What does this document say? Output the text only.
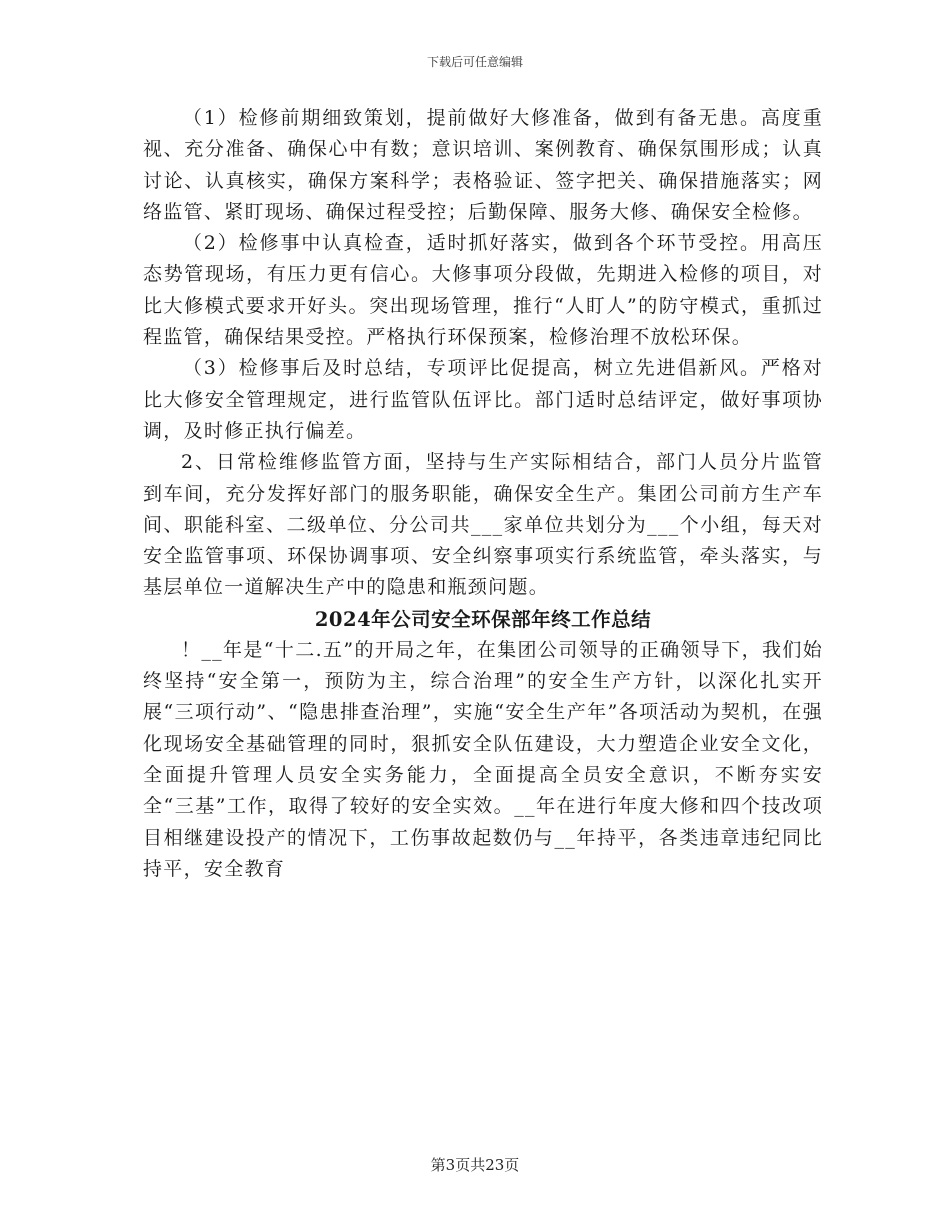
下载后可任意编辑

（1）检修前期细致策划，提前做好大修准备，做到有备无患。高度重视、充分准备、确保心中有数；意识培训、案例教育、确保氛围形成；认真讨论、认真核实，确保方案科学；表格验证、签字把关、确保措施落实；网络监管、紧盯现场、确保过程受控；后勤保障、服务大修、确保安全检修。

（2）检修事中认真检查，适时抓好落实，做到各个环节受控。用高压态势管现场，有压力更有信心。大修事项分段做，先期进入检修的项目，对比大修模式要求开好头。突出现场管理，推行“人盯人”的防守模式，重抓过程监管，确保结果受控。严格执行环保预案，检修治理不放松环保。

（3）检修事后及时总结，专项评比促提高，树立先进倡新风。严格对比大修安全管理规定，进行监管队伍评比。部门适时总结评定，做好事项协调，及时修正执行偏差。

2、日常检维修监管方面，坚持与生产实际相结合，部门人员分片监管到车间，充分发挥好部门的服务职能，确保安全生产。集团公司前方生产车间、职能科室、二级单位、分公司共___家单位共划分为___个小组，每天对安全监管事项、环保协调事项、安全纠察事项实行系统监管，牵头落实，与基层单位一道解决生产中的隐患和瓶颈问题。

2024年公司安全环保部年终工作总结

！__年是“十二.五”的开局之年，在集团公司领导的正确领导下，我们始终坚持“安全第一，预防为主，综合治理”的安全生产方针，以深化扎实开展“三项行动”、“隐患排查治理”，实施“安全生产年”各项活动为契机，在强化现场安全基础管理的同时，狠抓安全队伍建设，大力塑造企业安全文化，全面提升管理人员安全实务能力，全面提高全员安全意识，不断夯实安全“三基”工作，取得了较好的安全实效。__年在进行年度大修和四个技改项目相继建设投产的情况下，工伤事故起数仍与__年持平，各类违章违纪同比持平，安全教育

第3页共23页
